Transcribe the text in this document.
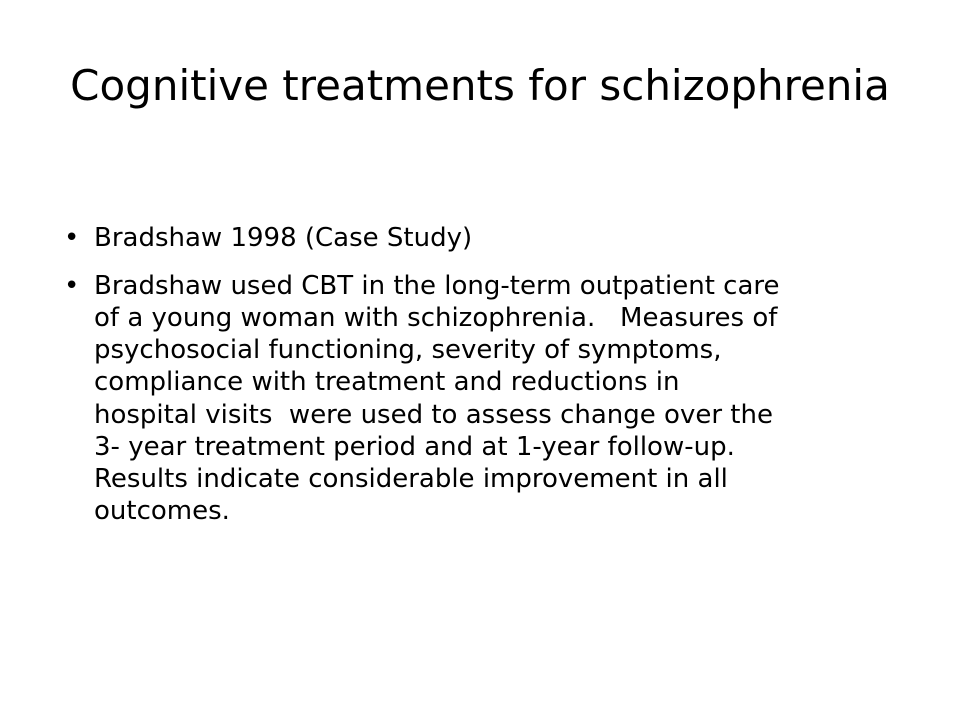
Cognitive treatments for schizophrenia
• Bradshaw 1998 (Case Study)
• Bradshaw used CBT in the long-term outpatient care
of a young woman with schizophrenia.   Measures of
psychosocial functioning, severity of symptoms,
compliance with treatment and reductions in
hospital visits  were used to assess change over the
3- year treatment period and at 1-year follow-up.
Results indicate considerable improvement in all
outcomes.
